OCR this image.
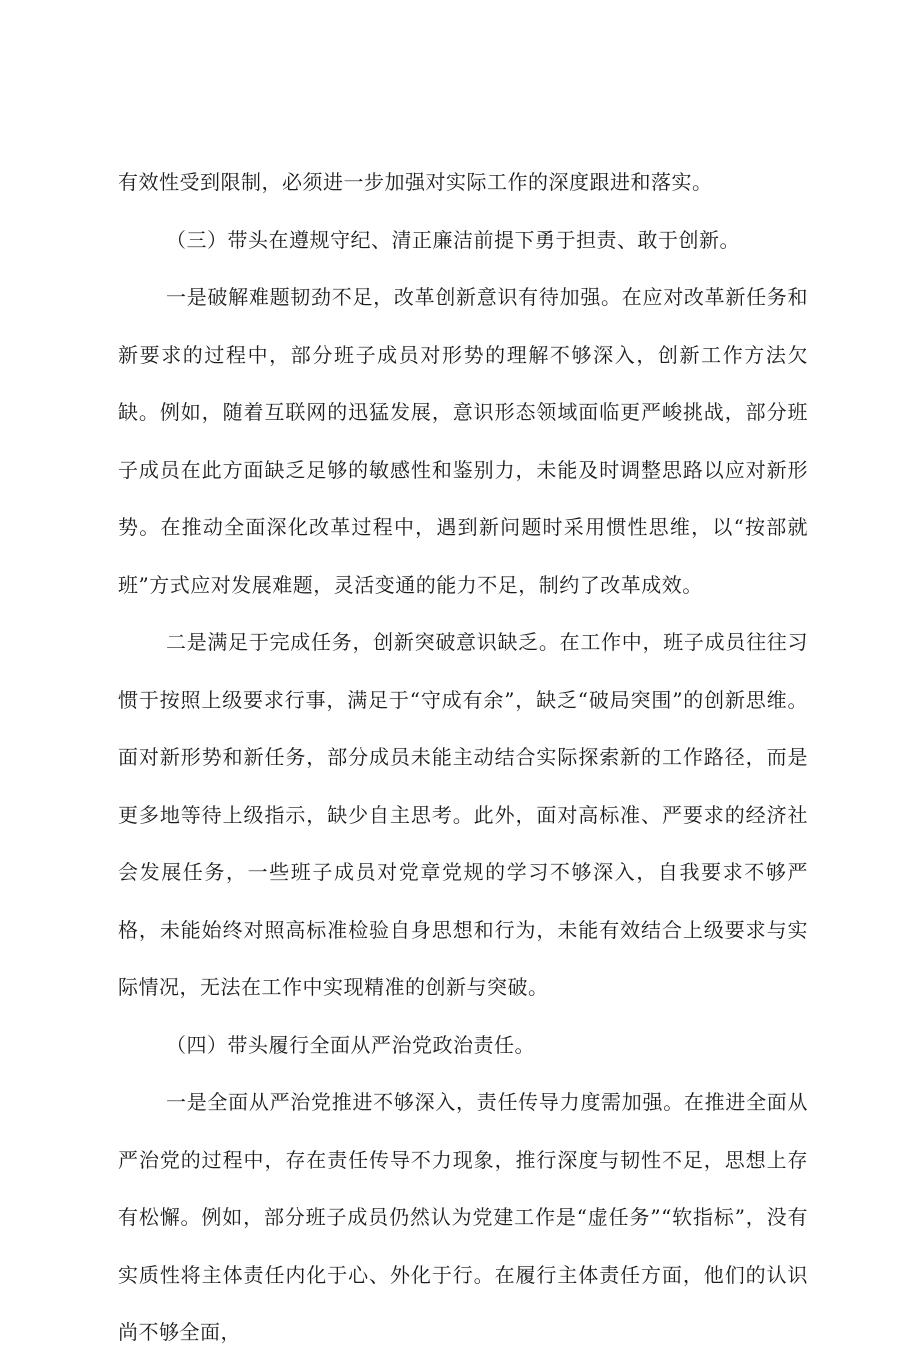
有效性受到限制，必须进一步加强对实际工作的深度跟进和落实。

（三）带头在遵规守纪、清正廉洁前提下勇于担责、敢于创新。

一是破解难题韧劲不足，改革创新意识有待加强。在应对改革新任务和新要求的过程中，部分班子成员对形势的理解不够深入，创新工作方法欠缺。例如，随着互联网的迅猛发展，意识形态领域面临更严峻挑战，部分班子成员在此方面缺乏足够的敏感性和鉴别力，未能及时调整思路以应对新形势。在推动全面深化改革过程中，遇到新问题时采用惯性思维，以“按部就班”方式应对发展难题，灵活变通的能力不足，制约了改革成效。

二是满足于完成任务，创新突破意识缺乏。在工作中，班子成员往往习惯于按照上级要求行事，满足于“守成有余”，缺乏“破局突围”的创新思维。面对新形势和新任务，部分成员未能主动结合实际探索新的工作路径，而是更多地等待上级指示，缺少自主思考。此外，面对高标准、严要求的经济社会发展任务，一些班子成员对党章党规的学习不够深入，自我要求不够严格，未能始终对照高标准检验自身思想和行为，未能有效结合上级要求与实际情况，无法在工作中实现精准的创新与突破。

（四）带头履行全面从严治党政治责任。

一是全面从严治党推进不够深入，责任传导力度需加强。在推进全面从严治党的过程中，存在责任传导不力现象，推行深度与韧性不足，思想上存有松懈。例如，部分班子成员仍然认为党建工作是“虚任务”“软指标”，没有实质性将主体责任内化于心、外化于行。在履行主体责任方面，他们的认识尚不够全面，
